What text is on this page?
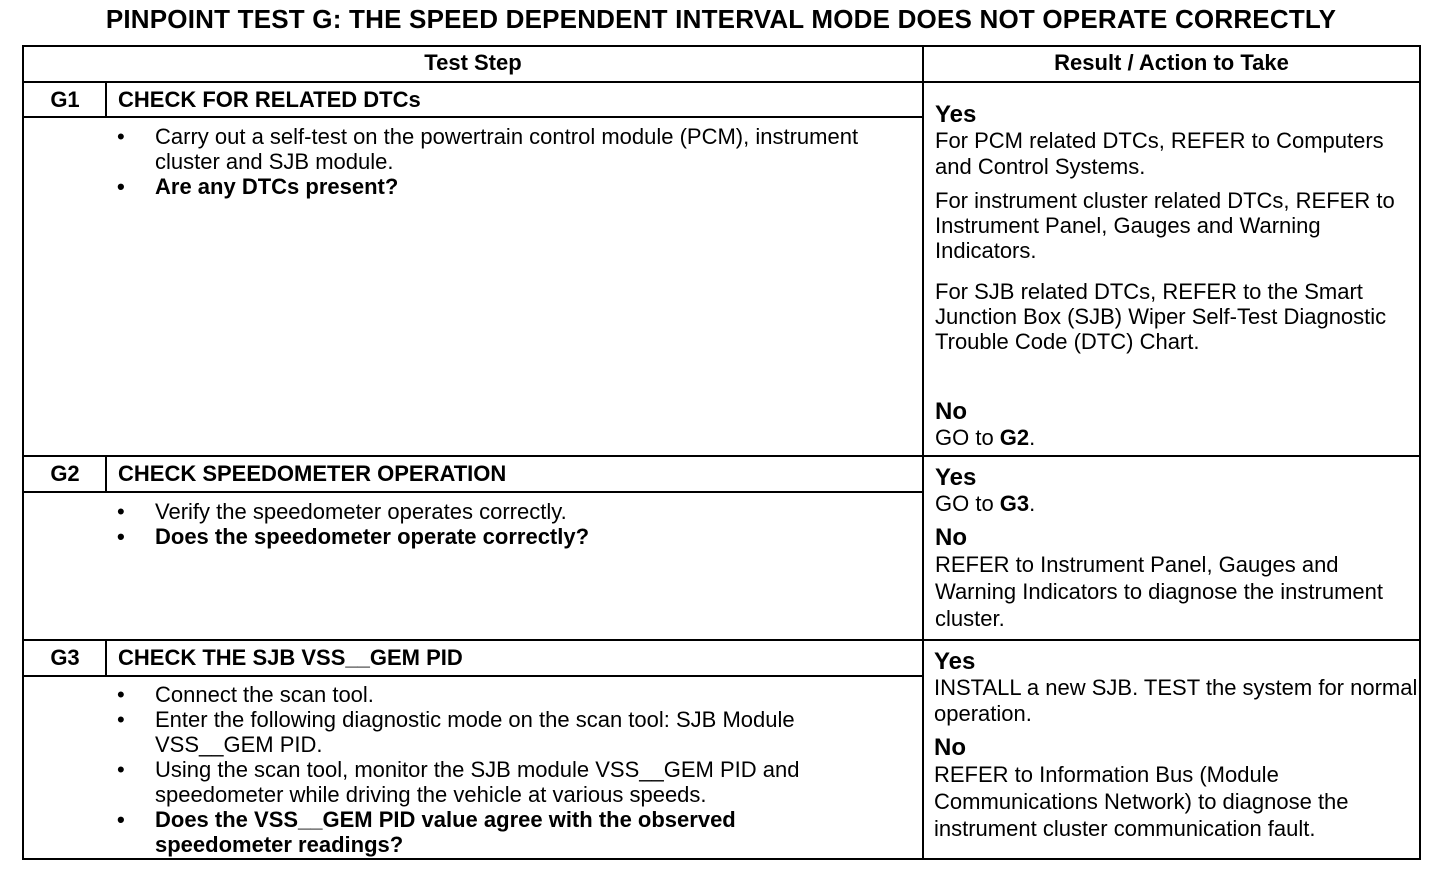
PINPOINT TEST G: THE SPEED DEPENDENT INTERVAL MODE DOES NOT OPERATE CORRECTLY
Test Step	Result / Action to Take
G1	CHECK FOR RELATED DTCs
• Carry out a self-test on the powertrain control module (PCM), instrument cluster and SJB module.
• Are any DTCs present?
Yes

For PCM related DTCs, REFER to Computers and Control Systems.

For instrument cluster related DTCs, REFER to Instrument Panel, Gauges and Warning Indicators.

For SJB related DTCs, REFER to the Smart Junction Box (SJB) Wiper Self-Test Diagnostic Trouble Code (DTC) Chart.

No

GO to G2.

G2	CHECK SPEEDOMETER OPERATION
• Verify the speedometer operates correctly.
• Does the speedometer operate correctly?
Yes

GO to G3.

No

REFER to Instrument Panel, Gauges and Warning Indicators to diagnose the instrument cluster.

G3	CHECK THE SJB VSS__GEM PID
• Connect the scan tool.
• Enter the following diagnostic mode on the scan tool: SJB Module VSS__GEM PID.
• Using the scan tool, monitor the SJB module VSS__GEM PID and speedometer while driving the vehicle at various speeds.
• Does the VSS__GEM PID value agree with the observed speedometer readings?
Yes

INSTALL a new SJB. TEST the system for normal operation.

No

REFER to Information Bus (Module Communications Network) to diagnose the instrument cluster communication fault.
